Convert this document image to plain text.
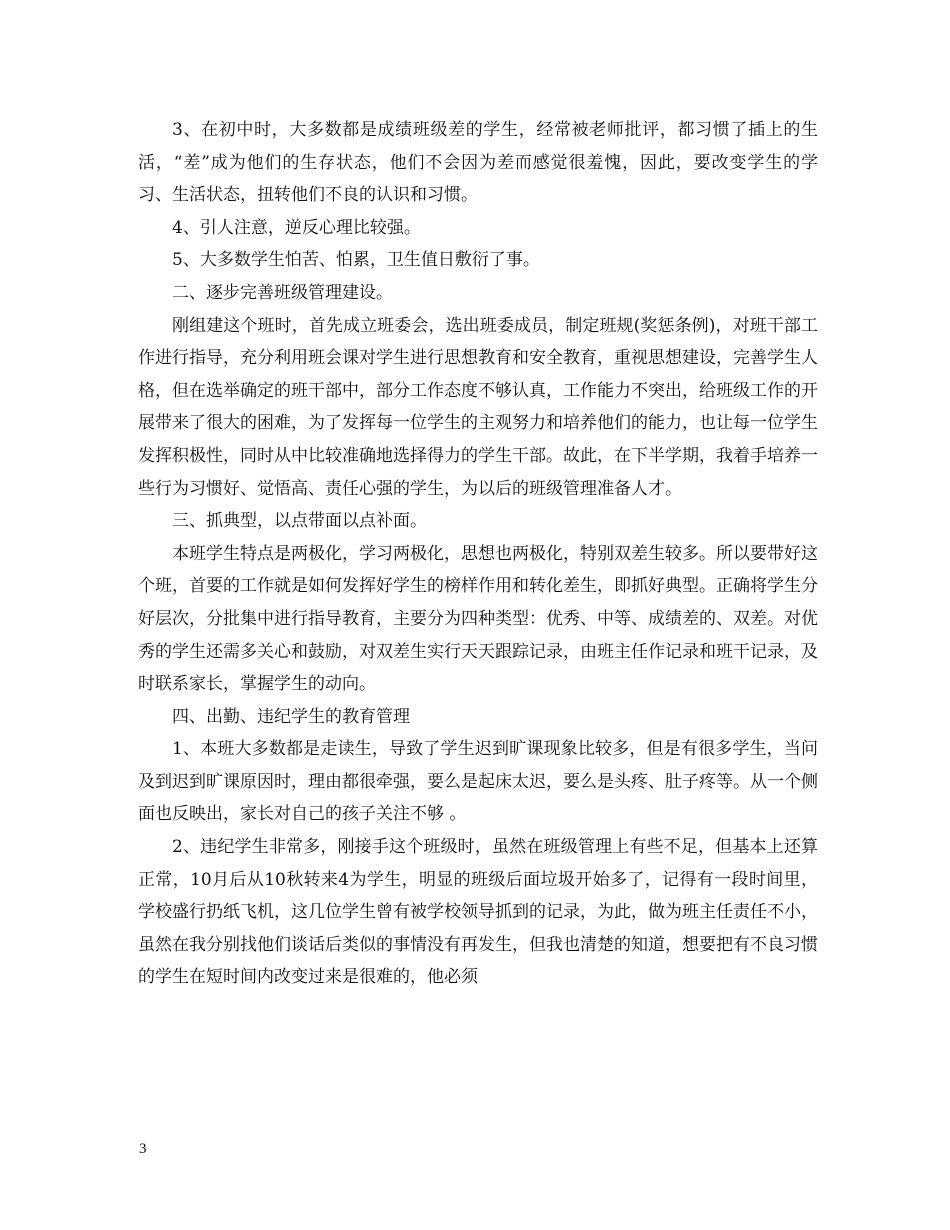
3、在初中时，大多数都是成绩班级差的学生，经常被老师批评，都习惯了插上的生活，“差”成为他们的生存状态，他们不会因为差而感觉很羞愧，因此，要改变学生的学习、生活状态，扭转他们不良的认识和习惯。

4、引人注意，逆反心理比较强。

5、大多数学生怕苦、怕累，卫生值日敷衍了事。

二、逐步完善班级管理建设。

刚组建这个班时，首先成立班委会，选出班委成员，制定班规(奖惩条例)，对班干部工作进行指导，充分利用班会课对学生进行思想教育和安全教育，重视思想建设，完善学生人格，但在选举确定的班干部中，部分工作态度不够认真，工作能力不突出，给班级工作的开展带来了很大的困难，为了发挥每一位学生的主观努力和培养他们的能力，也让每一位学生发挥积极性，同时从中比较准确地选择得力的学生干部。故此，在下半学期，我着手培养一些行为习惯好、觉悟高、责任心强的学生，为以后的班级管理准备人才。

三、抓典型，以点带面以点补面。

本班学生特点是两极化，学习两极化，思想也两极化，特别双差生较多。所以要带好这个班，首要的工作就是如何发挥好学生的榜样作用和转化差生，即抓好典型。正确将学生分好层次，分批集中进行指导教育，主要分为四种类型：优秀、中等、成绩差的、双差。对优秀的学生还需多关心和鼓励，对双差生实行天天跟踪记录，由班主任作记录和班干记录，及时联系家长，掌握学生的动向。

四、出勤、违纪学生的教育管理

1、本班大多数都是走读生，导致了学生迟到旷课现象比较多，但是有很多学生，当问及到迟到旷课原因时，理由都很牵强，要么是起床太迟，要么是头疼、肚子疼等。从一个侧面也反映出，家长对自己的孩子关注不够 。

2、违纪学生非常多，刚接手这个班级时，虽然在班级管理上有些不足，但基本上还算正常，10月后从10秋转来4为学生，明显的班级后面垃圾开始多了，记得有一段时间里，学校盛行扔纸飞机，这几位学生曾有被学校领导抓到的记录，为此，做为班主任责任不小，虽然在我分别找他们谈话后类似的事情没有再发生，但我也清楚的知道，想要把有不良习惯的学生在短时间内改变过来是很难的，他必须

3
